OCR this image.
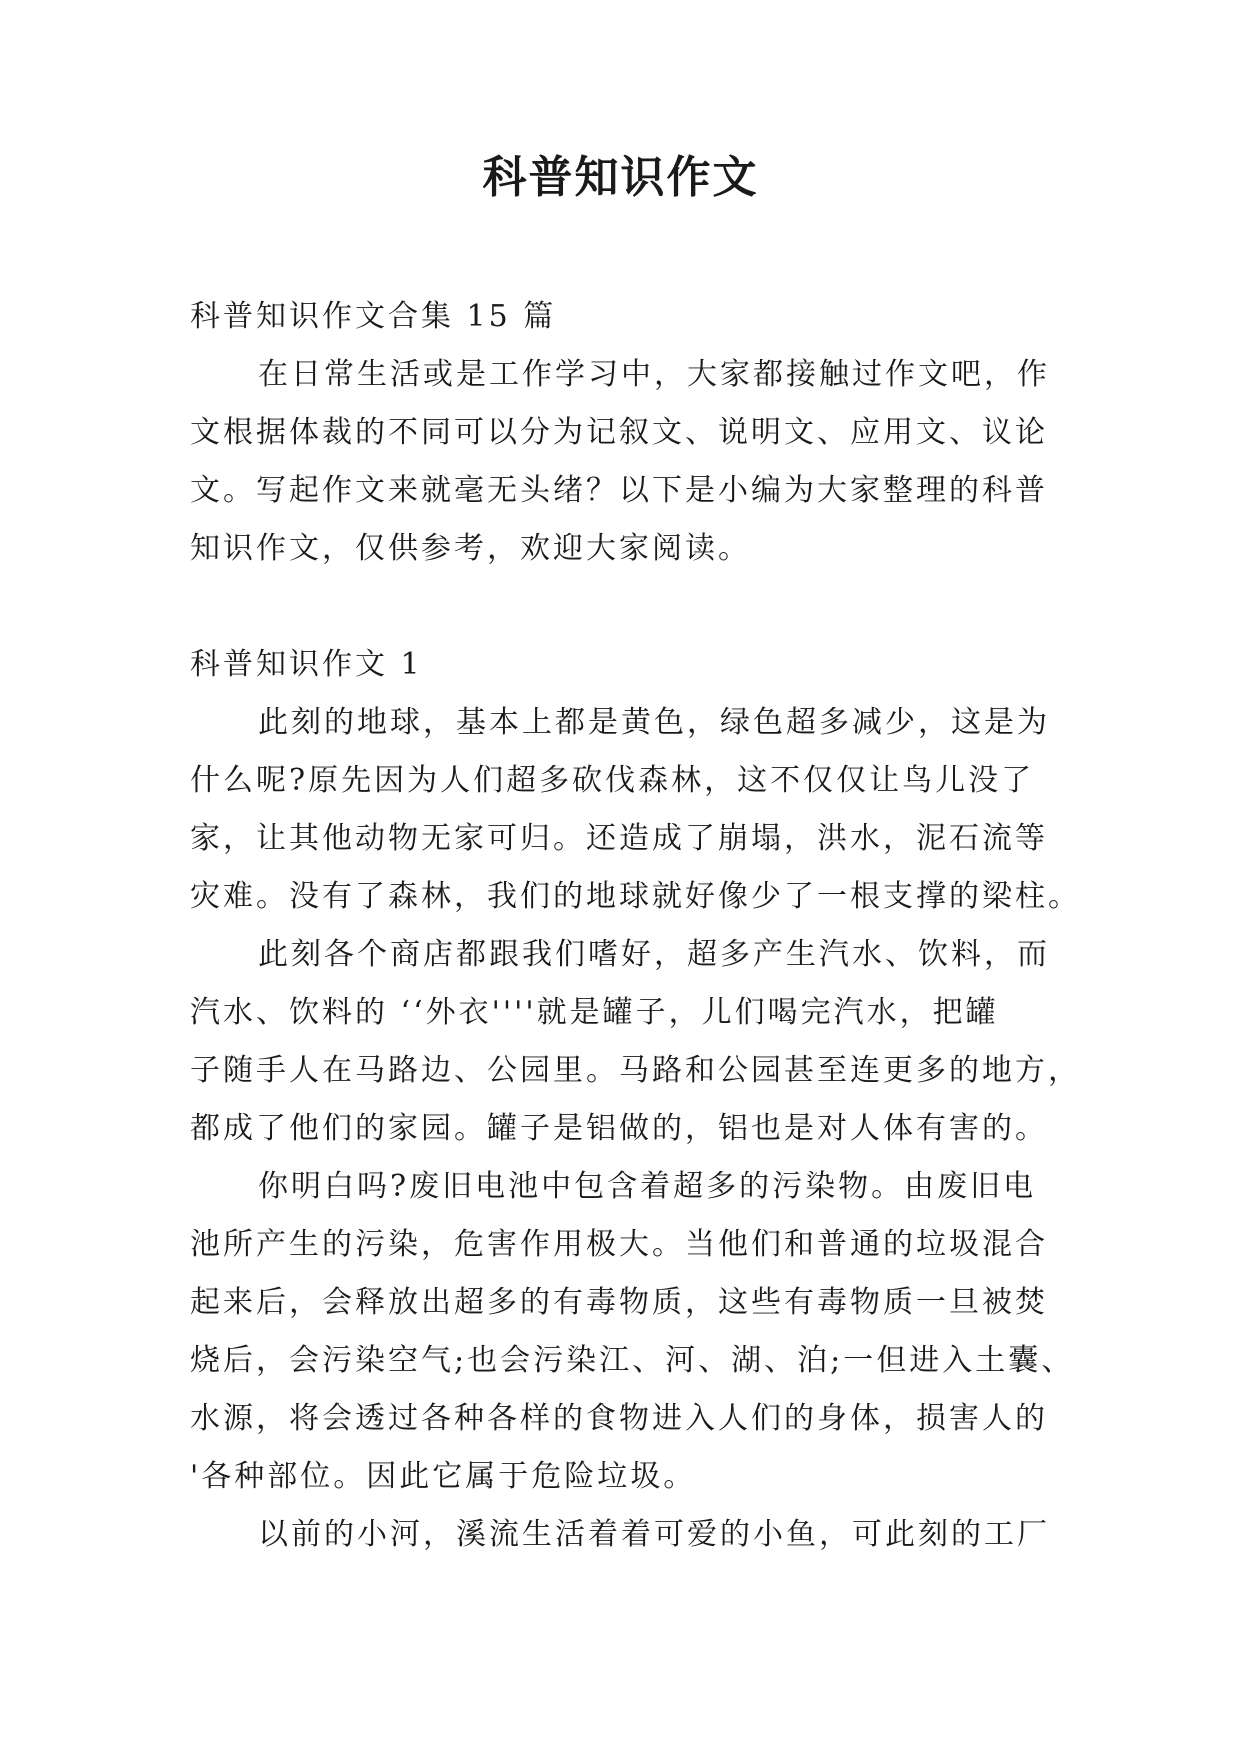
科普知识作文
科普知识作文合集 15 篇
在日常生活或是工作学习中，大家都接触过作文吧，作
文根据体裁的不同可以分为记叙文、说明文、应用文、议论
文。写起作文来就毫无头绪？以下是小编为大家整理的科普
知识作文，仅供参考，欢迎大家阅读。
科普知识作文 1
此刻的地球，基本上都是黄色，绿色超多减少，这是为
什么呢?原先因为人们超多砍伐森林，这不仅仅让鸟儿没了
家，让其他动物无家可归。还造成了崩塌，洪水，泥石流等
灾难。没有了森林，我们的地球就好像少了一根支撑的梁柱。
此刻各个商店都跟我们嗜好，超多产生汽水、饮料，而
汽水、饮料的 ‘‘外衣''''就是罐子，儿们喝完汽水，把罐
子随手人在马路边、公园里。马路和公园甚至连更多的地方，
都成了他们的家园。罐子是铝做的，铝也是对人体有害的。
你明白吗?废旧电池中包含着超多的污染物。由废旧电
池所产生的污染，危害作用极大。当他们和普通的垃圾混合
起来后，会释放出超多的有毒物质，这些有毒物质一旦被焚
烧后，会污染空气;也会污染江、河、湖、泊;一但进入土囊、
水源，将会透过各种各样的食物进入人们的身体，损害人的
'各种部位。因此它属于危险垃圾。
以前的小河，溪流生活着着可爱的小鱼，可此刻的工厂
